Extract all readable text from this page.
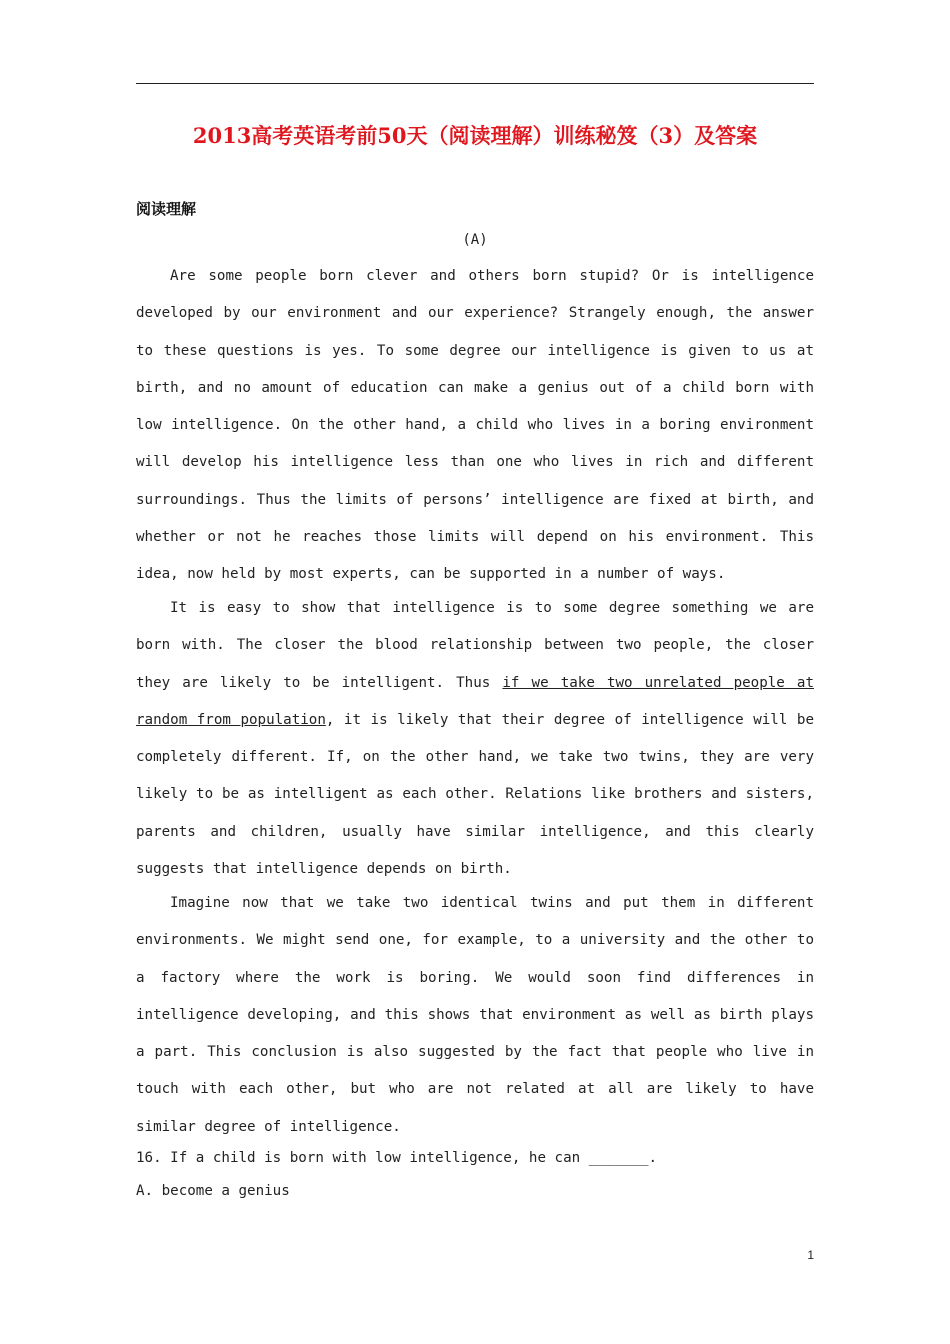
2013高考英语考前50天（阅读理解）训练秘笈（3）及答案
阅读理解
(A)

Are some people born clever and others born stupid? Or is intelligence developed by our environment and our experience? Strangely enough, the answer to these questions is yes. To some degree our intelligence is given to us at birth, and no amount of education can make a genius out of a child born with low intelligence. On the other hand, a child who lives in a boring environment will develop his intelligence less than one who lives in rich and different surroundings. Thus the limits of persons’ intelligence are fixed at birth, and whether or not he reaches those limits will depend on his environment. This idea, now held by most experts, can be supported in a number of ways.

It is easy to show that intelligence is to some degree something we are born with. The closer the blood relationship between two people, the closer they are likely to be intelligent. Thus if we take two unrelated people at random from population, it is likely that their degree of intelligence will be completely different. If, on the other hand, we take two twins, they are very likely to be as intelligent as each other. Relations like brothers and sisters, parents and children, usually have similar intelligence, and this clearly suggests that intelligence depends on birth.

Imagine now that we take two identical twins and put them in different environments. We might send one, for example, to a university and the other to a factory where the work is boring. We would soon find differences in intelligence developing, and this shows that environment as well as birth plays a part. This conclusion is also suggested by the fact that people who live in touch with each other, but who are not related at all are likely to have similar degree of intelligence.

16. If a child is born with low intelligence, he can _______.
A. become a genius
1
